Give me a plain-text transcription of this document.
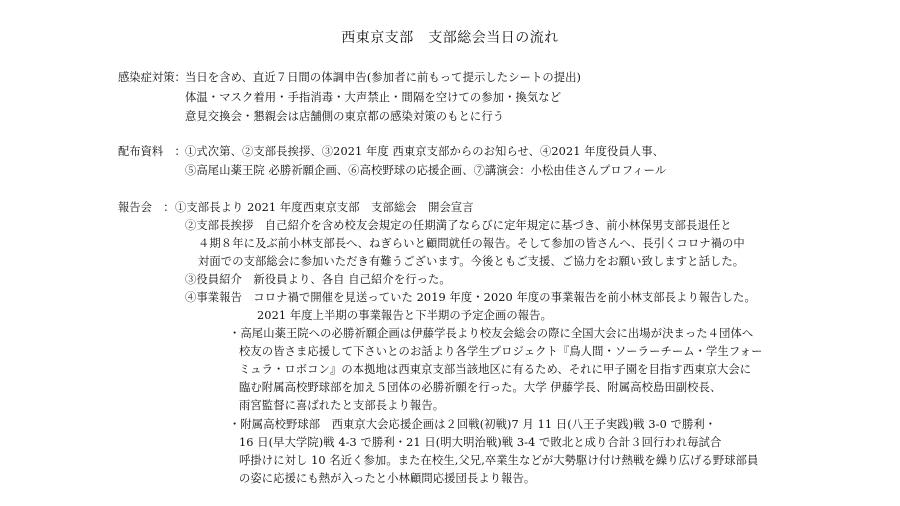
西東京支部　支部総会当日の流れ
感染症対策： 当日を含め、直近７日間の体調申告(参加者に前もって提示したシートの提出)
体温・マスク着用・手指消毒・大声禁止・間隔を空けての参加・換気など
意見交換会・懇親会は店舗側の東京都の感染対策のもとに行う
配布資料　： ①式次第、②支部長挨拶、③2021 年度 西東京支部からのお知らせ、④2021 年度役員人事、
⑤高尾山薬王院 必勝祈願企画、⑥高校野球の応援企画、⑦講演会：小松由佳さんプロフィール
報告会　： ①支部長より 2021 年度西東京支部　支部総会　開会宣言
②支部長挨拶　自己紹介を含め校友会規定の任期満了ならびに定年規定に基づき、前小林保男支部長退任と
４期８年に及ぶ前小林支部長へ、ねぎらいと顧問就任の報告。そして参加の皆さんへ、長引くコロナ禍の中
対面での支部総会に参加いただき有難うございます。今後ともご支援、ご協力をお願い致しますと話した。
③役員紹介　新役員より、各自 自己紹介を行った。
④事業報告　コロナ禍で開催を見送っていた 2019 年度・2020 年度の事業報告を前小林支部長より報告した。
2021 年度上半期の事業報告と下半期の予定企画の報告。
・高尾山薬王院への必勝祈願企画は伊藤学長より校友会総会の際に全国大会に出場が決まった４団体へ
校友の皆さま応援して下さいとのお話より各学生プロジェクト『鳥人間・ソーラーチーム・学生フォー
ミュラ・ロボコン』の本拠地は西東京支部当該地区に有るため、それに甲子園を目指す西東京大会に
臨む附属高校野球部を加え５団体の必勝祈願を行った。大学 伊藤学長、附属高校島田副校長、
雨宮監督に喜ばれたと支部長より報告。
・附属高校野球部　西東京大会応援企画は２回戦(初戦)7 月 11 日(八王子実践)戦 3-0 で勝利・
16 日(早大学院)戦 4-3 で勝利・21 日(明大明治戦)戦 3-4 で敗北と成り合計３回行われ毎試合
呼掛けに対し 10 名近く参加。また在校生,父兄,卒業生などが大勢駆け付け熱戦を繰り広げる野球部員
の姿に応援にも熱が入ったと小林顧問応援団長より報告。
